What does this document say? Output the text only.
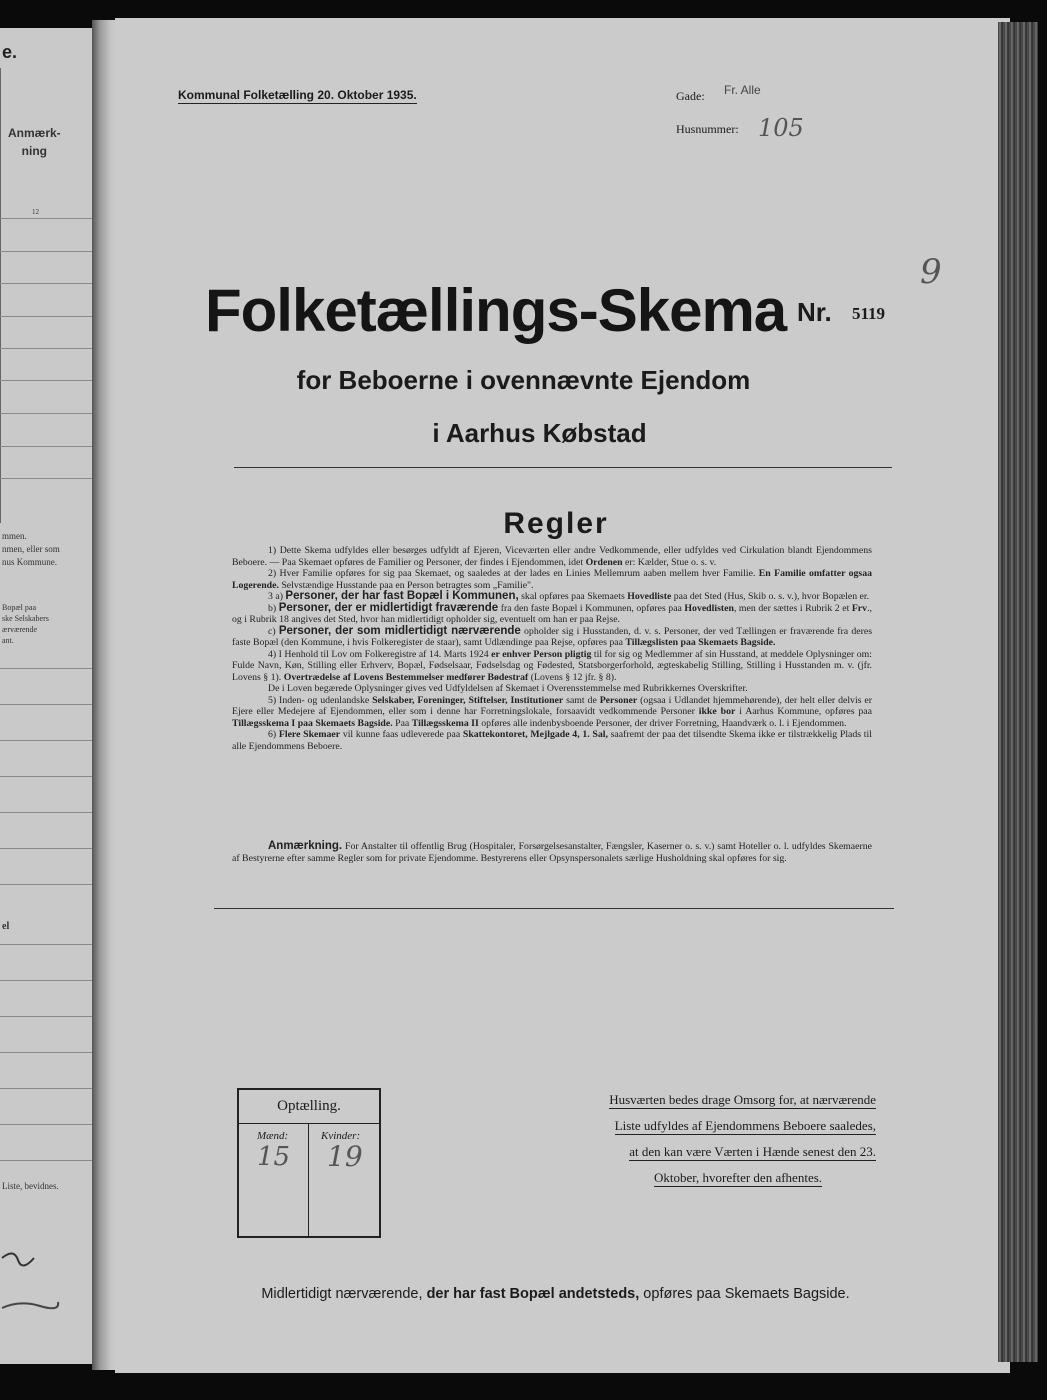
e.
Anmærk-
ning
12
mmen.
nmen, eller som
nus Kommune.
Bopæl paa
ske Selskabers
ærværende
ant.
el
Liste, bevidnes.
Kommunal Folketælling 20. Oktober 1935.	Gade: Fr. Alle
Husnummer: 105
9
Folketællings-Skema Nr. 5119
for Beboerne i ovennævnte Ejendom
i Aarhus Købstad
Regler

1) Dette Skema udfyldes eller besørges udfyldt af Ejeren, Viceværten eller andre Vedkommende, eller udfyldes ved Cirkulation blandt Ejendommens Beboere. — Paa Skemaet opføres de Familier og Personer, der findes i Ejendommen, idet Ordenen er: Kælder, Stue o. s. v.

2) Hver Familie opføres for sig paa Skemaet, og saaledes at der lades en Linies Mellemrum aaben mellem hver Familie. En Familie omfatter ogsaa Logerende. Selvstændige Husstande paa en Person betragtes som „Familie".

3 a) Personer, der har fast Bopæl i Kommunen, skal opføres paa Skemaets Hovedliste paa det Sted (Hus, Skib o. s. v.), hvor Bopælen er.

b) Personer, der er midlertidigt fraværende fra den faste Bopæl i Kommunen, opføres paa Hovedlisten, men der sættes i Rubrik 2 et Frv., og i Rubrik 18 angives det Sted, hvor han midlertidigt opholder sig, eventuelt om han er paa Rejse.

c) Personer, der som midlertidigt nærværende opholder sig i Husstanden, d. v. s. Personer, der ved Tællingen er fraværende fra deres faste Bopæl (den Kommune, i hvis Folkeregister de staar), samt Udlændinge paa Rejse, opføres paa Tillægslisten paa Skemaets Bagside.

4) I Henhold til Lov om Folkeregistre af 14. Marts 1924 er enhver Person pligtig til for sig og Medlemmer af sin Husstand, at meddele Oplysninger om: Fulde Navn, Køn, Stilling eller Erhverv, Bopæl, Fødselsaar, Fødselsdag og Fødested, Statsborgerforhold, ægteskabelig Stilling, Stilling i Husstanden m. v. (jfr. Lovens § 1). Overtrædelse af Lovens Bestemmelser medfører Bødestraf (Lovens § 12 jfr. § 8).

De i Loven begærede Oplysninger gives ved Udfyldelsen af Skemaet i Overensstemmelse med Rubrikkernes Overskrifter.

5) Inden- og udenlandske Selskaber, Foreninger, Stiftelser, Institutioner samt de Personer (ogsaa i Udlandet hjemmehørende), der helt eller delvis er Ejere eller Medejere af Ejendommen, eller som i denne har Forretningslokale, forsaavidt vedkommende Personer ikke bor i Aarhus Kommune, opføres paa Tillægsskema I paa Skemaets Bagside. Paa Tillægsskema II opføres alle indenbysboende Personer, der driver Forretning, Haandværk o. l. i Ejendommen.

6) Flere Skemaer vil kunne faas udleverede paa Skattekontoret, Mejlgade 4, 1. Sal, saafremt der paa det tilsendte Skema ikke er tilstrækkelig Plads til alle Ejendommens Beboere.

Anmærkning. For Anstalter til offentlig Brug (Hospitaler, Forsørgelsesanstalter, Fængsler, Kaserner o. s. v.) samt Hoteller o. l. udfyldes Skemaerne af Bestyrerne efter samme Regler som for private Ejendomme. Bestyrerens eller Opsynspersonalets særlige Husholdning skal opføres for sig.
Optælling.
Mænd:	Kvinder:
15 19
Husværten bedes drage Omsorg for, at nærværende
Liste udfyldes af Ejendommens Beboere saaledes,
at den kan være Værten i Hænde senest den 23.
Oktober, hvorefter den afhentes.
Midlertidigt nærværende, der har fast Bopæl andetsteds, opføres paa Skemaets Bagside.
